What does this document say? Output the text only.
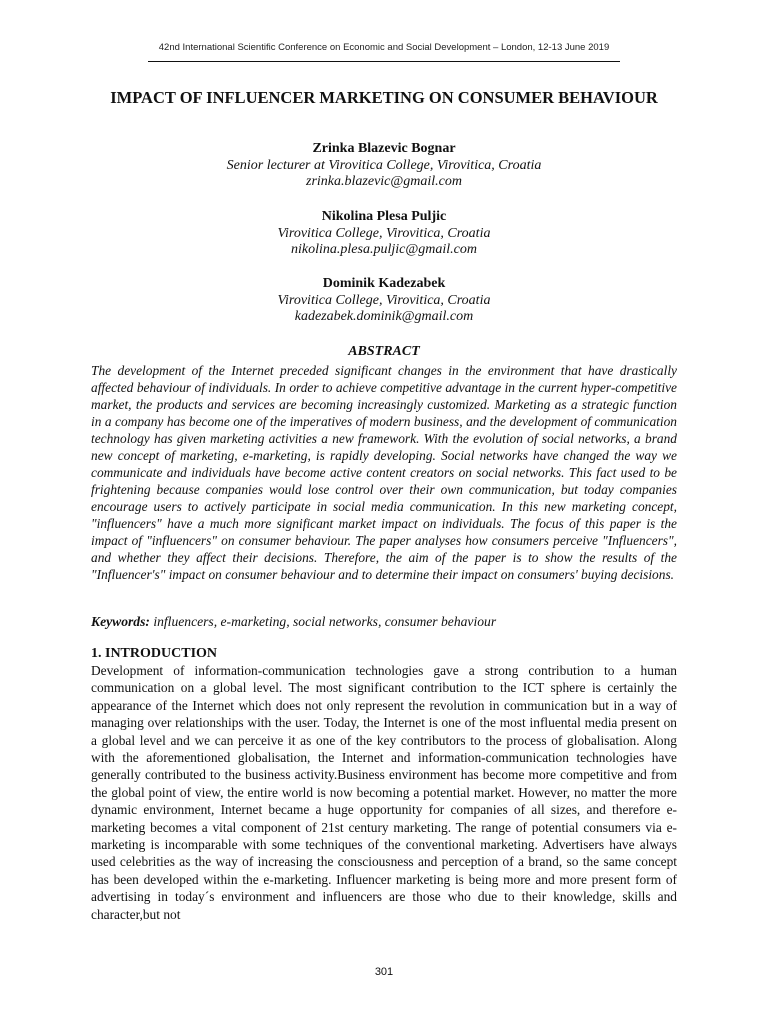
42nd International Scientific Conference on Economic and Social Development – London, 12-13 June 2019
IMPACT OF INFLUENCER MARKETING ON CONSUMER BEHAVIOUR
Zrinka Blazevic Bognar
Senior lecturer at Virovitica College, Virovitica, Croatia
zrinka.blazevic@gmail.com
Nikolina Plesa Puljic
Virovitica College, Virovitica, Croatia
nikolina.plesa.puljic@gmail.com
Dominik Kadezabek
Virovitica College, Virovitica, Croatia
kadezabek.dominik@gmail.com
ABSTRACT

The development of the Internet preceded significant changes in the environment that have drastically affected behaviour of individuals. In order to achieve competitive advantage in the current hyper-competitive market, the products and services are becoming increasingly customized. Marketing as a strategic function in a company has become one of the imperatives of modern business, and the development of communication technology has given marketing activities a new framework. With the evolution of social networks, a brand new concept of marketing, e-marketing, is rapidly developing. Social networks have changed the way we communicate and individuals have become active content creators on social networks. This fact used to be frightening because companies would lose control over their own communication, but today companies encourage users to actively participate in social media communication. In this new marketing concept, "influencers" have a much more significant market impact on individuals. The focus of this paper is the impact of "influencers" on consumer behaviour. The paper analyses how consumers perceive "Influencers", and whether they affect their decisions. Therefore, the aim of the paper is to show the results of the "Influencer's" impact on consumer behaviour and to determine their impact on consumers' buying decisions.

Keywords: influencers, e-marketing, social networks, consumer behaviour

1. INTRODUCTION

Development of information-communication technologies gave a strong contribution to a human communication on a global level. The most significant contribution to the ICT sphere is certainly the appearance of the Internet which does not only represent the revolution in communication but in a way of managing over relationships with the user. Today, the Internet is one of the most influental media present on a global level and we can perceive it as one of the key contributors to the process of globalisation. Along with the aforementioned globalisation, the Internet and information-communication technologies have generally contributed to the business activity.Business environment has become more competitive and from the global point of view, the entire world is now becoming a potential market. However, no matter the more dynamic environment, Internet became a huge opportunity for companies of all sizes, and therefore e-marketing becomes a vital component of 21st century marketing. The range of potential consumers via e-marketing is incomparable with some techniques of the conventional marketing. Advertisers have always used celebrities as the way of increasing the consciousness and perception of a brand, so the same concept has been developed within the e-marketing. Influencer marketing is being more and more present form of advertising in today´s environment and influencers are those who due to their knowledge, skills and character,but not

301
